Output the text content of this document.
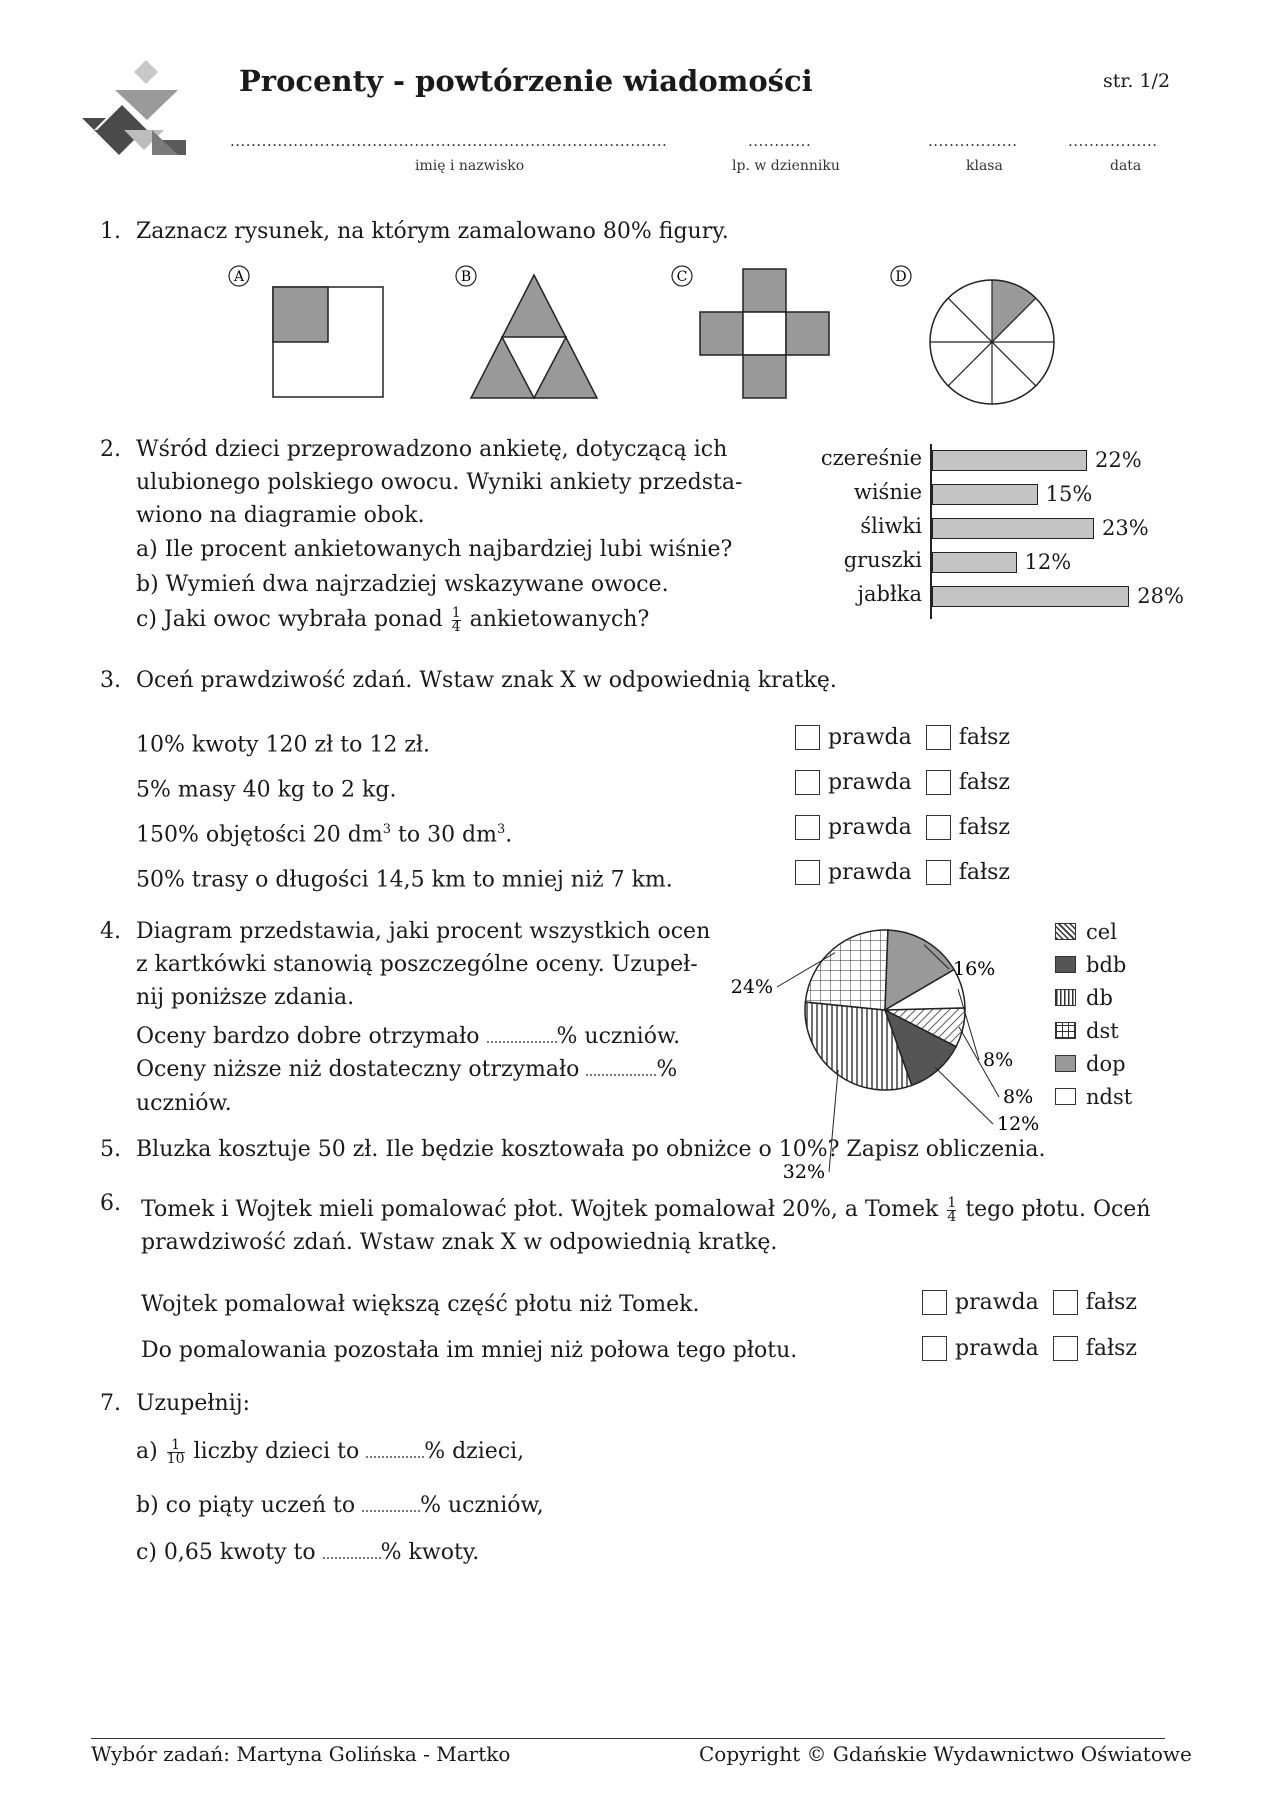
Procenty - powtórzenie wiadomości	str. 1/2
...................................................................................
imię i nazwisko
............
lp. w dzienniku
.................
klasa
.................
data
1. Zaznacz rysunek, na którym zamalowano 80% figury.
A	B	C	D
2. Wśród dzieci przeprowadzono ankietę, dotyczącą ich
ulubionego polskiego owocu. Wyniki ankiety przedsta-
wiono na diagramie obok.
a) Ile procent ankietowanych najbardziej lubi wiśnie?
b) Wymień dwa najrzadziej wskazywane owoce.
c) Jaki owoc wybrała ponad $\frac{1}{4}$ ankietowanych?
czereśnie	22%
wiśnie	15%
śliwki	23%
gruszki	12%
jabłka	28%
3. Oceń prawdziwość zdań. Wstaw znak X w odpowiednią kratkę.
10% kwoty 120 zł to 12 zł.	prawda fałsz
5% masy 40 kg to 2 kg.	prawda fałsz
150% objętości 20 $dm^3$ to 30 $dm^3$.	prawda fałsz
50% trasy o długości 14,5 km to mniej niż 7 km.	prawda fałsz
4. Diagram przedstawia, jaki procent wszystkich ocen
z kartkówki stanowią poszczególne oceny. Uzupeł-
nij poniższe zdania.
Oceny bardzo dobre otrzymało	% uczniów.
Oceny niższe niż dostateczny otrzymało	%
uczniów.	8%
12%
32%
24%
16%
8%
cel
bdb
db
dst
dop
ndst
5. Bluzka kosztuje 50 zł. Ile będzie kosztowała po obniżce o 10%? Zapisz obliczenia.
6. Tomek i Wojtek mieli pomalować płot. Wojtek pomalował 20%, a Tomek $\frac{1}{4}$ tego płotu. Oceń
prawdziwość zdań. Wstaw znak X w odpowiednią kratkę.
Wojtek pomalował większą część płotu niż Tomek.	prawda fałsz
Do pomalowania pozostała im mniej niż połowa tego płotu.	prawda fałsz
7. Uzupełnij:
$a) \frac{1}{10}$ liczby dzieci to	% dzieci,
b) co piąty uczeń to	% uczniów,
c) 0,65 kwoty to	% kwoty.
Wybór zadań: Martyna Golińska - Martko	Copyright © Gdańskie Wydawnictwo Oświatowe
